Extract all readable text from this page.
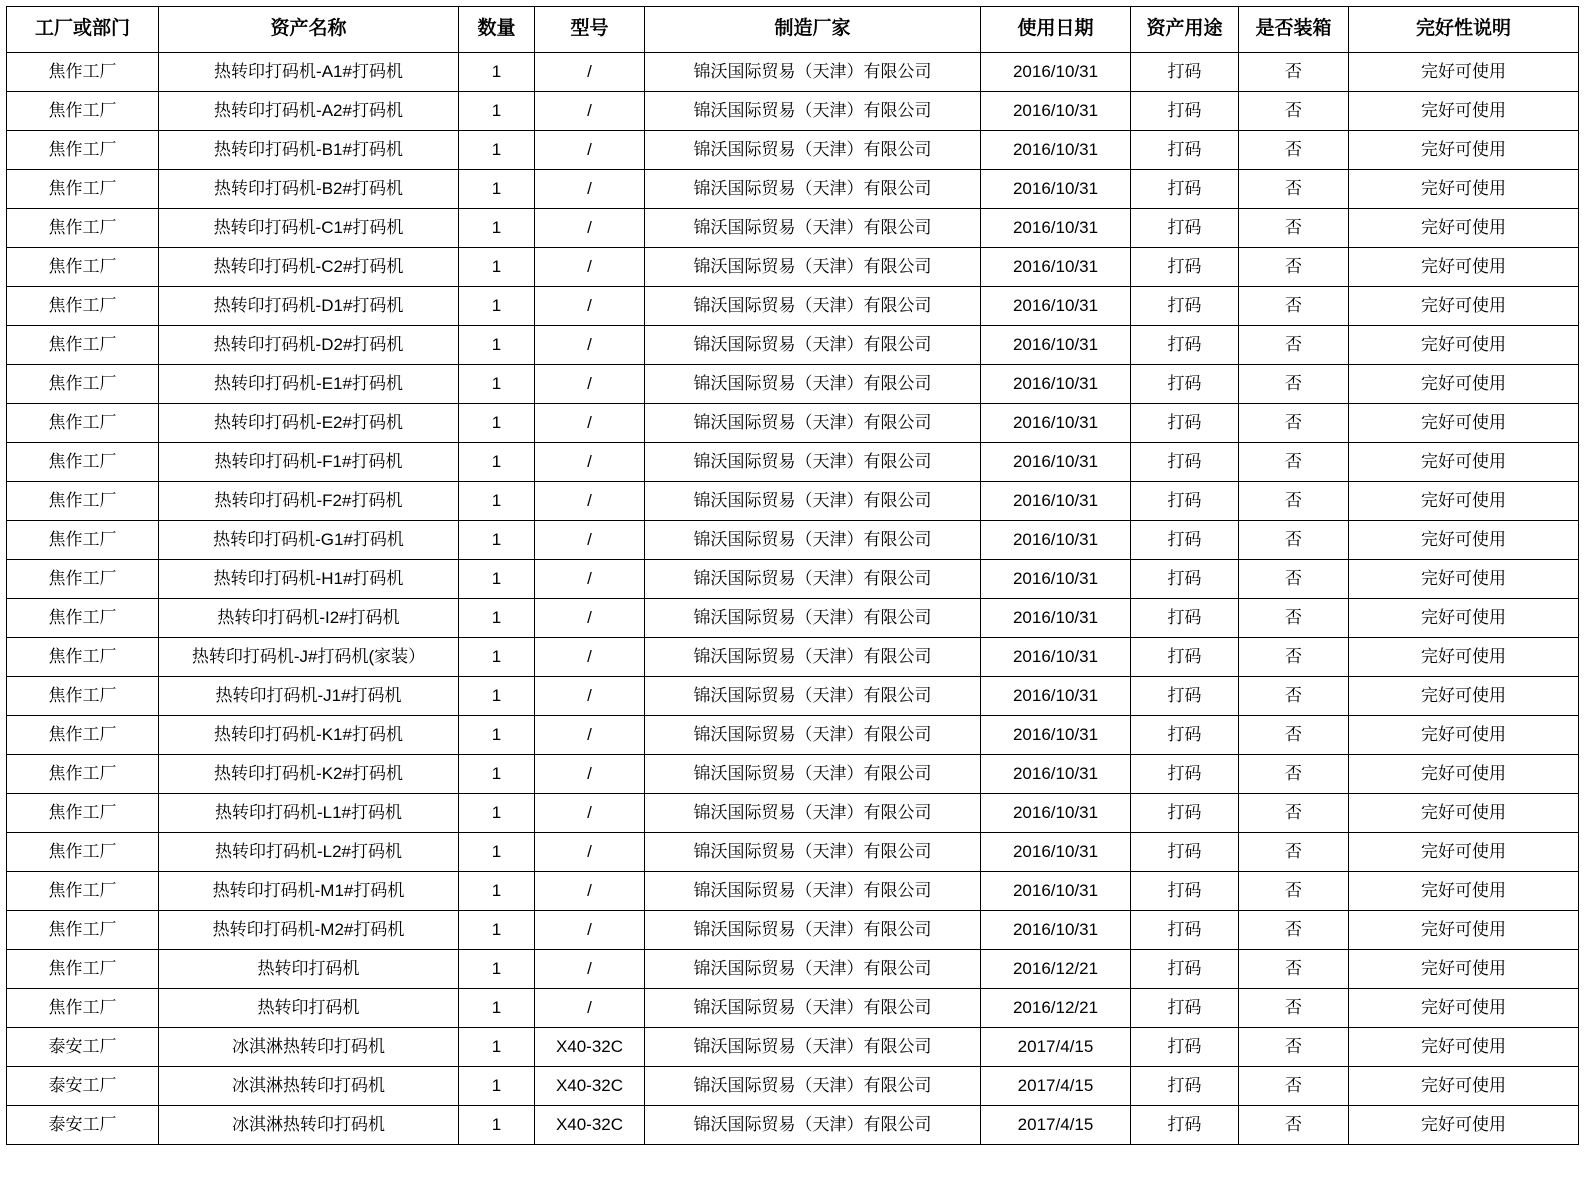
工厂或部门	资产名称	数量	型号	制造厂家	使用日期	资产用途	是否装箱	完好性说明
焦作工厂	热转印打码机-A1#打码机	1	/	锦沃国际贸易（天津）有限公司	2016/10/31	打码	否	完好可使用
焦作工厂	热转印打码机-A2#打码机	1	/	锦沃国际贸易（天津）有限公司	2016/10/31	打码	否	完好可使用
焦作工厂	热转印打码机-B1#打码机	1	/	锦沃国际贸易（天津）有限公司	2016/10/31	打码	否	完好可使用
焦作工厂	热转印打码机-B2#打码机	1	/	锦沃国际贸易（天津）有限公司	2016/10/31	打码	否	完好可使用
焦作工厂	热转印打码机-C1#打码机	1	/	锦沃国际贸易（天津）有限公司	2016/10/31	打码	否	完好可使用
焦作工厂	热转印打码机-C2#打码机	1	/	锦沃国际贸易（天津）有限公司	2016/10/31	打码	否	完好可使用
焦作工厂	热转印打码机-D1#打码机	1	/	锦沃国际贸易（天津）有限公司	2016/10/31	打码	否	完好可使用
焦作工厂	热转印打码机-D2#打码机	1	/	锦沃国际贸易（天津）有限公司	2016/10/31	打码	否	完好可使用
焦作工厂	热转印打码机-E1#打码机	1	/	锦沃国际贸易（天津）有限公司	2016/10/31	打码	否	完好可使用
焦作工厂	热转印打码机-E2#打码机	1	/	锦沃国际贸易（天津）有限公司	2016/10/31	打码	否	完好可使用
焦作工厂	热转印打码机-F1#打码机	1	/	锦沃国际贸易（天津）有限公司	2016/10/31	打码	否	完好可使用
焦作工厂	热转印打码机-F2#打码机	1	/	锦沃国际贸易（天津）有限公司	2016/10/31	打码	否	完好可使用
焦作工厂	热转印打码机-G1#打码机	1	/	锦沃国际贸易（天津）有限公司	2016/10/31	打码	否	完好可使用
焦作工厂	热转印打码机-H1#打码机	1	/	锦沃国际贸易（天津）有限公司	2016/10/31	打码	否	完好可使用
焦作工厂	热转印打码机-I2#打码机	1	/	锦沃国际贸易（天津）有限公司	2016/10/31	打码	否	完好可使用
焦作工厂	热转印打码机-J#打码机(家装）	1	/	锦沃国际贸易（天津）有限公司	2016/10/31	打码	否	完好可使用
焦作工厂	热转印打码机-J1#打码机	1	/	锦沃国际贸易（天津）有限公司	2016/10/31	打码	否	完好可使用
焦作工厂	热转印打码机-K1#打码机	1	/	锦沃国际贸易（天津）有限公司	2016/10/31	打码	否	完好可使用
焦作工厂	热转印打码机-K2#打码机	1	/	锦沃国际贸易（天津）有限公司	2016/10/31	打码	否	完好可使用
焦作工厂	热转印打码机-L1#打码机	1	/	锦沃国际贸易（天津）有限公司	2016/10/31	打码	否	完好可使用
焦作工厂	热转印打码机-L2#打码机	1	/	锦沃国际贸易（天津）有限公司	2016/10/31	打码	否	完好可使用
焦作工厂	热转印打码机-M1#打码机	1	/	锦沃国际贸易（天津）有限公司	2016/10/31	打码	否	完好可使用
焦作工厂	热转印打码机-M2#打码机	1	/	锦沃国际贸易（天津）有限公司	2016/10/31	打码	否	完好可使用
焦作工厂	热转印打码机	1	/	锦沃国际贸易（天津）有限公司	2016/12/21	打码	否	完好可使用
焦作工厂	热转印打码机	1	/	锦沃国际贸易（天津）有限公司	2016/12/21	打码	否	完好可使用
泰安工厂	冰淇淋热转印打码机	1	X40-32C	锦沃国际贸易（天津）有限公司	2017/4/15	打码	否	完好可使用
泰安工厂	冰淇淋热转印打码机	1	X40-32C	锦沃国际贸易（天津）有限公司	2017/4/15	打码	否	完好可使用
泰安工厂	冰淇淋热转印打码机	1	X40-32C	锦沃国际贸易（天津）有限公司	2017/4/15	打码	否	完好可使用
